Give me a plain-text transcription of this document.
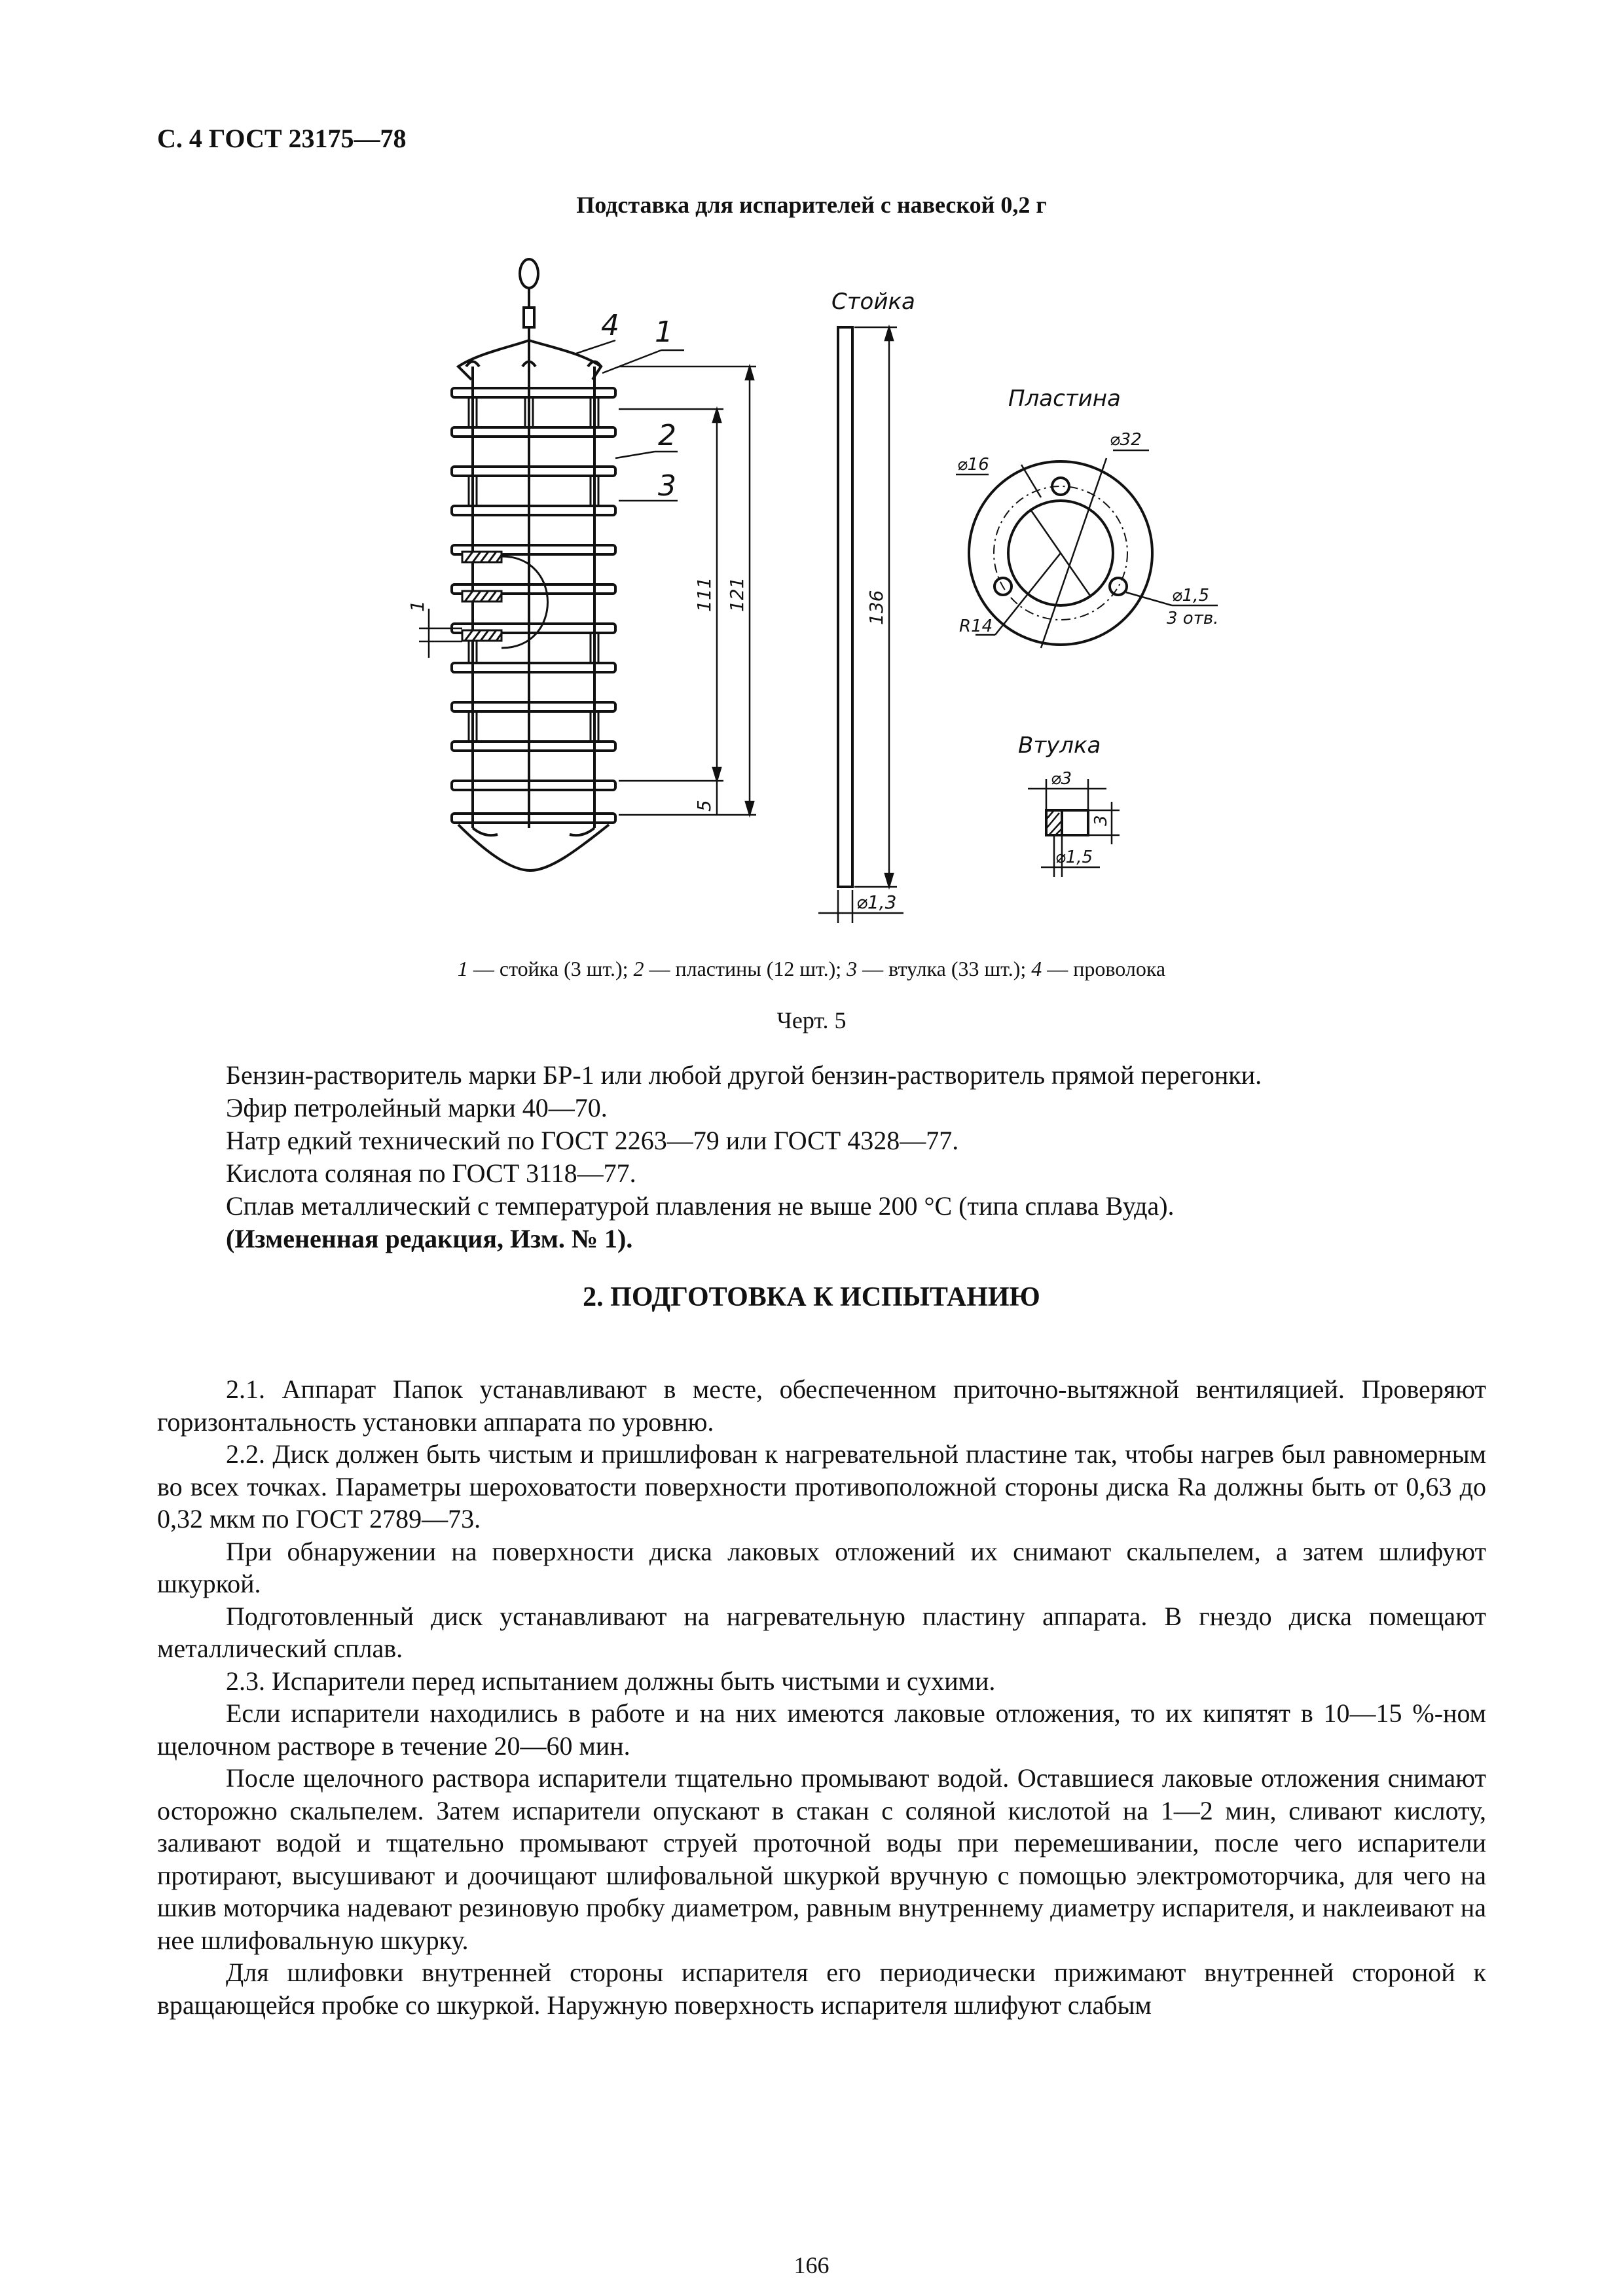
С. 4 ГОСТ 23175—78
Подставка для испарителей с навеской 0,2 г
1	111 121
5
4 1
2
3
Стойка
136
⌀1,3
Пластина
⌀16
⌀32
⌀1,5
3 отв.
R14
Втулка
⌀3
3
⌀1,5
1 — стойка (3 шт.); 2 — пластины (12 шт.); 3 — втулка (33 шт.); 4 — проволока
Черт. 5

Бензин-растворитель марки БР-1 или любой другой бензин-растворитель прямой перегонки.

Эфир петролейный марки 40—70.

Натр едкий технический по ГОСТ 2263—79 или ГОСТ 4328—77.

Кислота соляная по ГОСТ 3118—77.

Сплав металлический с температурой плавления не выше 200 °С (типа сплава Вуда).

(Измененная редакция, Изм. № 1).

2. ПОДГОТОВКА К ИСПЫТАНИЮ

2.1. Аппарат Папок устанавливают в месте, обеспеченном приточно-вытяжной вентиляцией. Проверяют горизонтальность установки аппарата по уровню.

2.2. Диск должен быть чистым и пришлифован к нагревательной пластине так, чтобы нагрев был равномерным во всех точках. Параметры шероховатости поверхности противоположной стороны диска Ra должны быть от 0,63 до 0,32 мкм по ГОСТ 2789—73.

При обнаружении на поверхности диска лаковых отложений их снимают скальпелем, а затем шлифуют шкуркой.

Подготовленный диск устанавливают на нагревательную пластину аппарата. В гнездо диска помещают металлический сплав.

2.3. Испарители перед испытанием должны быть чистыми и сухими.

Если испарители находились в работе и на них имеются лаковые отложения, то их кипятят в 10—15 %-ном щелочном растворе в течение 20—60 мин.

После щелочного раствора испарители тщательно промывают водой. Оставшиеся лаковые отложения снимают осторожно скальпелем. Затем испарители опускают в стакан с соляной кислотой на 1—2 мин, сливают кислоту, заливают водой и тщательно промывают струей проточной воды при перемешивании, после чего испарители протирают, высушивают и доочищают шлифовальной шкуркой вручную с помощью электромоторчика, для чего на шкив моторчика надевают резиновую пробку диаметром, равным внутреннему диаметру испарителя, и наклеивают на нее шлифовальную шкурку.

Для шлифовки внутренней стороны испарителя его периодически прижимают внутренней стороной к вращающейся пробке со шкуркой. Наружную поверхность испарителя шлифуют слабым

166
